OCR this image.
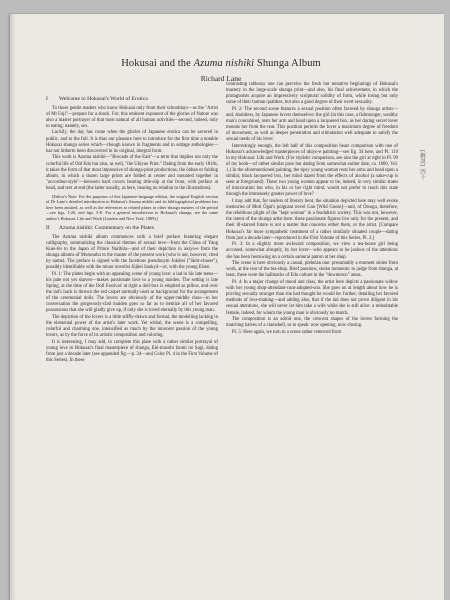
Hokusai and the Azuma nishiki Shunga Album
Richard Lane
I Welcome to Hokusai's World of Erotica

To those gentle readers who know Hokusai only from their schooldays—as the "Artist of Mt Fuji"—prepare for a shock. For, this eminent exponent of the glories of Nature was also a master portrayer of that most natural of all human activities—second, indeed, only to eating: namely, sex.

Luckily, the day has come when the glories of Japanese erotica can be savored in public, and to the full. It is thus our pleasure here to introduce for the first time a notable Hokusai shunga series which—though known in fragments and in sottage anthologies—has not hitherto been discovered in its original, integral form.

This work is Azuma nishiki—"Brocade of the East"—a term that implies not only the colorful life of Old Edo but also, as well, "the Ukiyoe Print." Dating from the early 1810s, it takes the form of that most impressive of shunga-print productions, the ōnban or folding album, in which a dozen large prints are folded at center and mounted together in "accordion-style"—between hard covers bearing title-slip at the front, with preface at head, and text at end (the latter usually, as here, bearing no relation to the illustrations).

[Editor's Note: For the purposes of this Japanese-language edition, the original English version of Dr Lane's detailed introduction to Hokusai's Azuma nishiki and its bibliographical problems has here been omitted, as well as the references to related plates in other shunga masters of the period—see figs. 1-26, and figs. 5-E. For a general introduction to Hokusai's shunga, see the same author's Hokusai: Life and Work (London and New York, 1989).]

II Azuma nishiki: Commentary on the Plates

The Azuma nishiki album commences with a brief preface featuring elegant calligraphy, summarizing the classical themes of sexual love—from the China of Yang Kuei-fei to the Japan of Prince Narihira—and of their depiction in ukiyo-e from the shunga albums of Moronobu to the master of the present work (who is not, however, cited by name). The preface is signed with the facetious pseudonym Jokōtei ("Skirt-chaser"), possibly identifiable with the minor novelist Jūjitei Sankyū—or, with the young Eisen.

Pl. 1: The plates begin with an appealing scene of young love: a lad in his late teens—his pate not yet shaven—makes passionate love to a young maiden. The setting is late Spring, at the time of the Doll Festival: at right a doll-box is emptied as pillow, and over the lad's back is thrown the red carpet normally used as background for the arrangement of the ceremonial dolls. The lovers are obviously of the upper-middle class—in her conversation the gorgeously-clad maiden goes so far as to itemize all of her favored possessions that she will gladly give up, if only she is loved eternally by this young man.

The depiction of the lovers is a little stiffly-drawn and formal, the modelling lacking in the elemental power of the artist's later work. Yet withal, the scene is a compelling, colorful and charming one, intensified as much by the innocent passion of the young lovers, as by the force of its artistic composition and coloring.

It is interesting, I may add, to complete this plate with a rather similar portrayal of young love in Hokusai's final masterpiece of shunga, Ehi-musubi Izumi no Sagi, dating from just a decade later (see appended fig.—p. 34—and Color Pl. 4 in the First Volume of this Series). In these

contrasting tableaux one can perceive the fresh but tentative beginnings of Hokusai's mastery in the large-scale shunga print—and also, his final achievement, in which the protagonists acquire an impressively sculptural solidity of form, while losing but only some of their human qualities, but also a good degree of their overt sexuality.

Pl. 2: The second scene features a sexual position often favored by shunga artists—and, doubtless, by Japanese lovers themselves: the girl (in this case, a fishmonger, wealthy man's concubine), rests her arm and head upon a lacquered box, as her daring secret lover mounts her from the rear. This position permits the lover a maximum degree of freedom of movement, as well as deeper penetration and stimulation well adequate to satisfy the sexual needs of his lover.

Interestingly enough, the left half of this composition bears comparison with one of Hokusai's acknowledged masterpieces of ukiyo-e painting—see fig. 34 here, and Pl. 119 in my Hokusai: Life and Work. (For stylistic comparison, see also the girl at right in Pl. 99 of my book—of rather similar pose but dating from somewhat earlier date, ca. 1800, Vol. 1.) In the aforementioned painting, the tipsy young woman rests her arms and head upon a similar, black lacquered box, her mind dazed from the effects of alcohol (a sake-cup is seen at foreground). These two young women appear to be, indeed, in very similar states of intoxication but who, in his or her right mind, would not prefer to reach this state through the immensely greater power of love?

I may add that, for readers of literary bent, the situation depicted here may well evoke memories of Mori Ōgai's poignant novel Gan [Wild Goose]—and, of Ōtsugu, therefore, the rebellious plight of the "kept woman" in a feudalistic society. This was not, however, the intent of the shunga artist here: these passionate figures live only for the present, and their ill-starred future is not a matter that concerns either them, or the artist. [Compare Hokusai's far more sympathetic treatment of a rather similarly situated couple—dating from just a decade later—reproduced in the First Volume of this Series, Pl. 2.]

Pl. 3: In a slightly more awkward composition, we view a tea-house girl being accosted, somewhat abruptly, by her lover—who appears to be jealous of the attentions she has been bestowing on a certain samurai patron at her shop.

The scene is here obviously a casual, plebeian one: presumably a moment stolen from work, at the rear of the tea-shop. Brief passions, stolen moments: to judge from shunga, at least, these were the hallmarks of Edo culture in the "downtown" areas.

Pl. 4: In a major change of mood and class, the artist here depicts a passionate widow with her young shop-attendant-cum-adopted-son. She goes on at length about how he is proving sexually stronger than she had thought he would be: further, detailing her favored methods of love-making—and adding also, that if the lad does not prove diligent in his sexual attentions, she will never let him take a wife while she is still alive: a redoubtable female, indeed, for whom the young man is obviously no match.

The composition is an adroit one, the crescent shapes of the lovers forming the matching halves of a clamshell, so to speak: now opening, now closing.

Pl. 5: Here again, we turn to a scene rather removed from

[解説] 四十
